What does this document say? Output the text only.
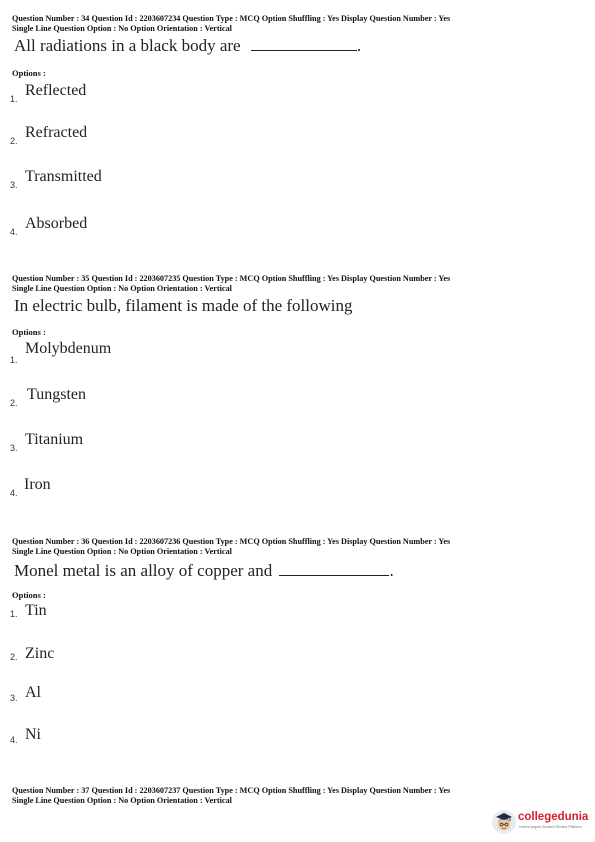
Question Number : 34 Question Id : 2203607234 Question Type : MCQ Option Shuffling : Yes Display Question Number : Yes
Single Line Question Option : No Option Orientation : Vertical
All radiations in a black body are	.
Options :
1. Reflected
2. Refracted
3. Transmitted
4. Absorbed
Question Number : 35 Question Id : 2203607235 Question Type : MCQ Option Shuffling : Yes Display Question Number : Yes
Single Line Question Option : No Option Orientation : Vertical
In electric bulb, filament is made of the following
Options :
1.
Molybdenum
2. Tungsten
3. Titanium
4. Iron
Question Number : 36 Question Id : 2203607236 Question Type : MCQ Option Shuffling : Yes Display Question Number : Yes
Single Line Question Option : No Option Orientation : Vertical
Monel metal is an alloy of copper and	.
Options :
1. Tin
2. Zinc
3. Al
4. Ni
Question Number : 37 Question Id : 2203607237 Question Type : MCQ Option Shuffling : Yes Display Question Number : Yes
Single Line Question Option : No Option Orientation : Vertical
collegedunia
India's largest Student Review Platform
